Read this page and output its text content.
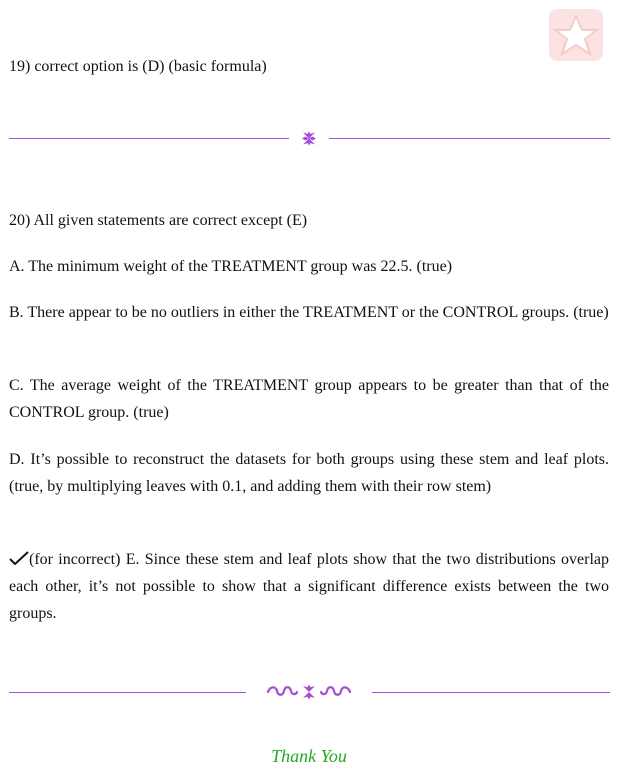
19) correct option is (D) (basic formula)

20) All given statements are correct except (E)

A. The minimum weight of the TREATMENT group was 22.5. (true)

B. There appear to be no outliers in either the TREATMENT or the CONTROL groups. (true)

C. The average weight of the TREATMENT group appears to be greater than that of the CONTROL group. (true)

D. It’s possible to reconstruct the datasets for both groups using these stem and leaf plots. (true, by multiplying leaves with 0.1, and adding them with their row stem)

(for incorrect) E. Since these stem and leaf plots show that the two distributions overlap each other, it’s not possible to show that a significant difference exists between the two groups.

Thank You
